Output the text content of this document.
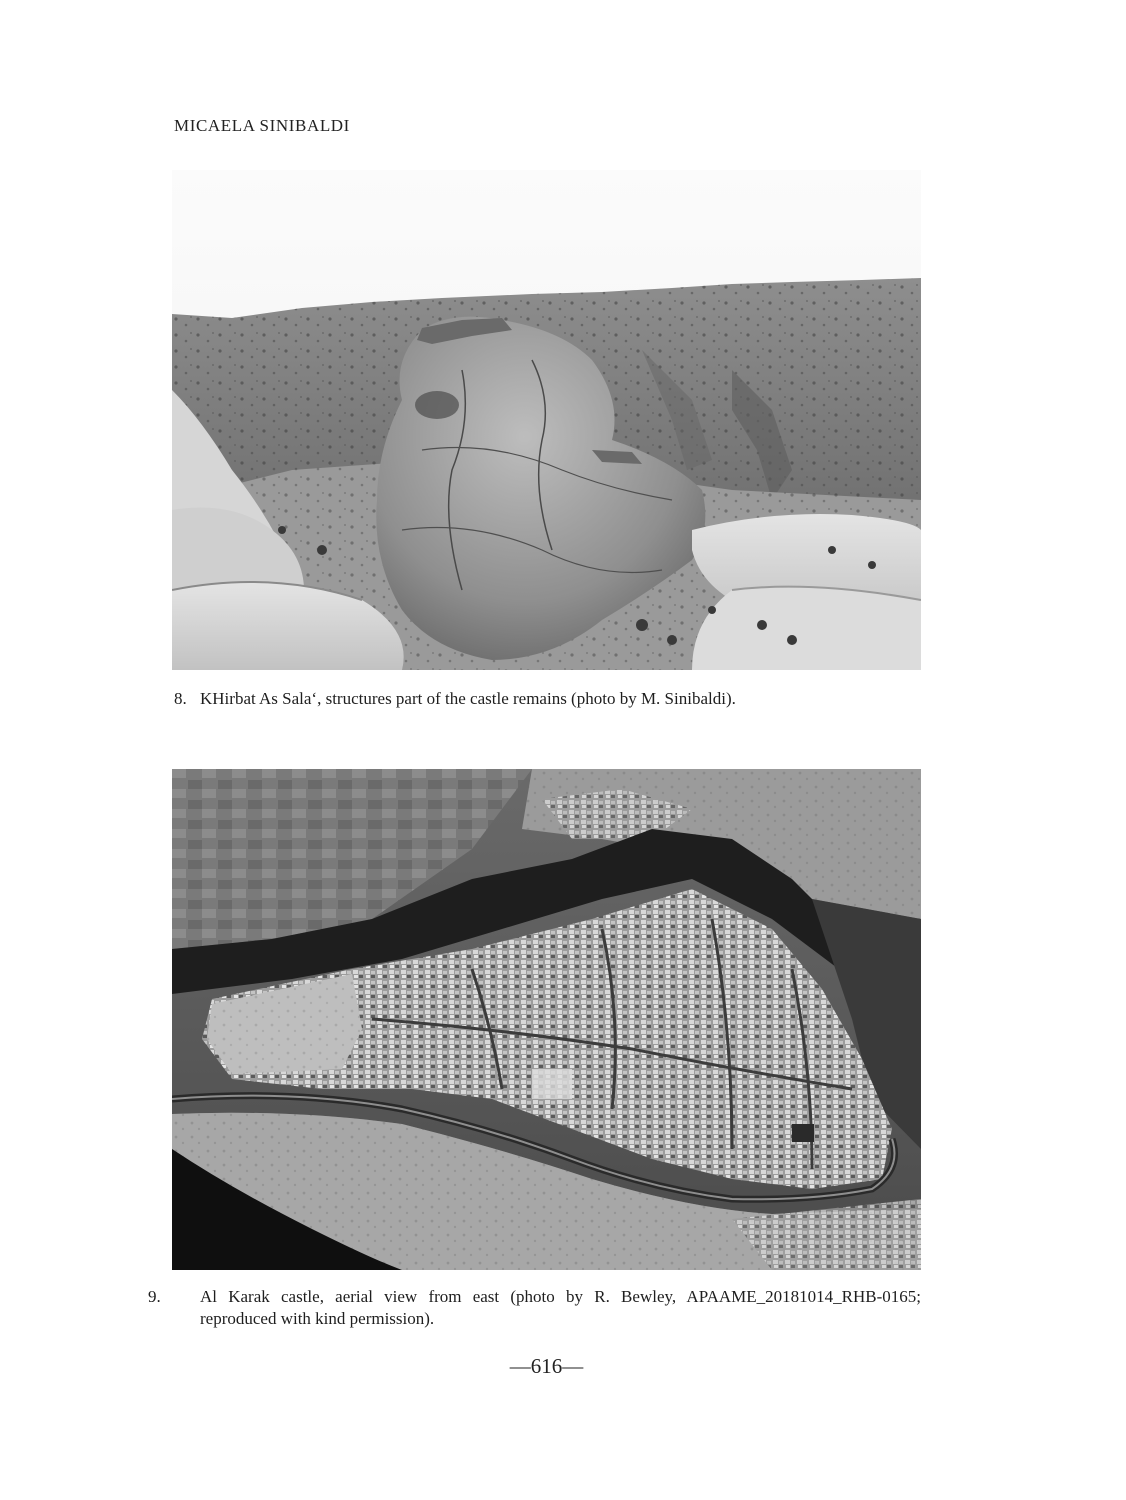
MICAELA SINIBALDI
8. KHirbat As Sala‘, structures part of the castle remains (photo by M. Sinibaldi).
9. Al Karak castle, aerial view from east (photo by R. Bewley, APAAME_20181014_RHB-0165; reproduced with kind permission).
—616—
